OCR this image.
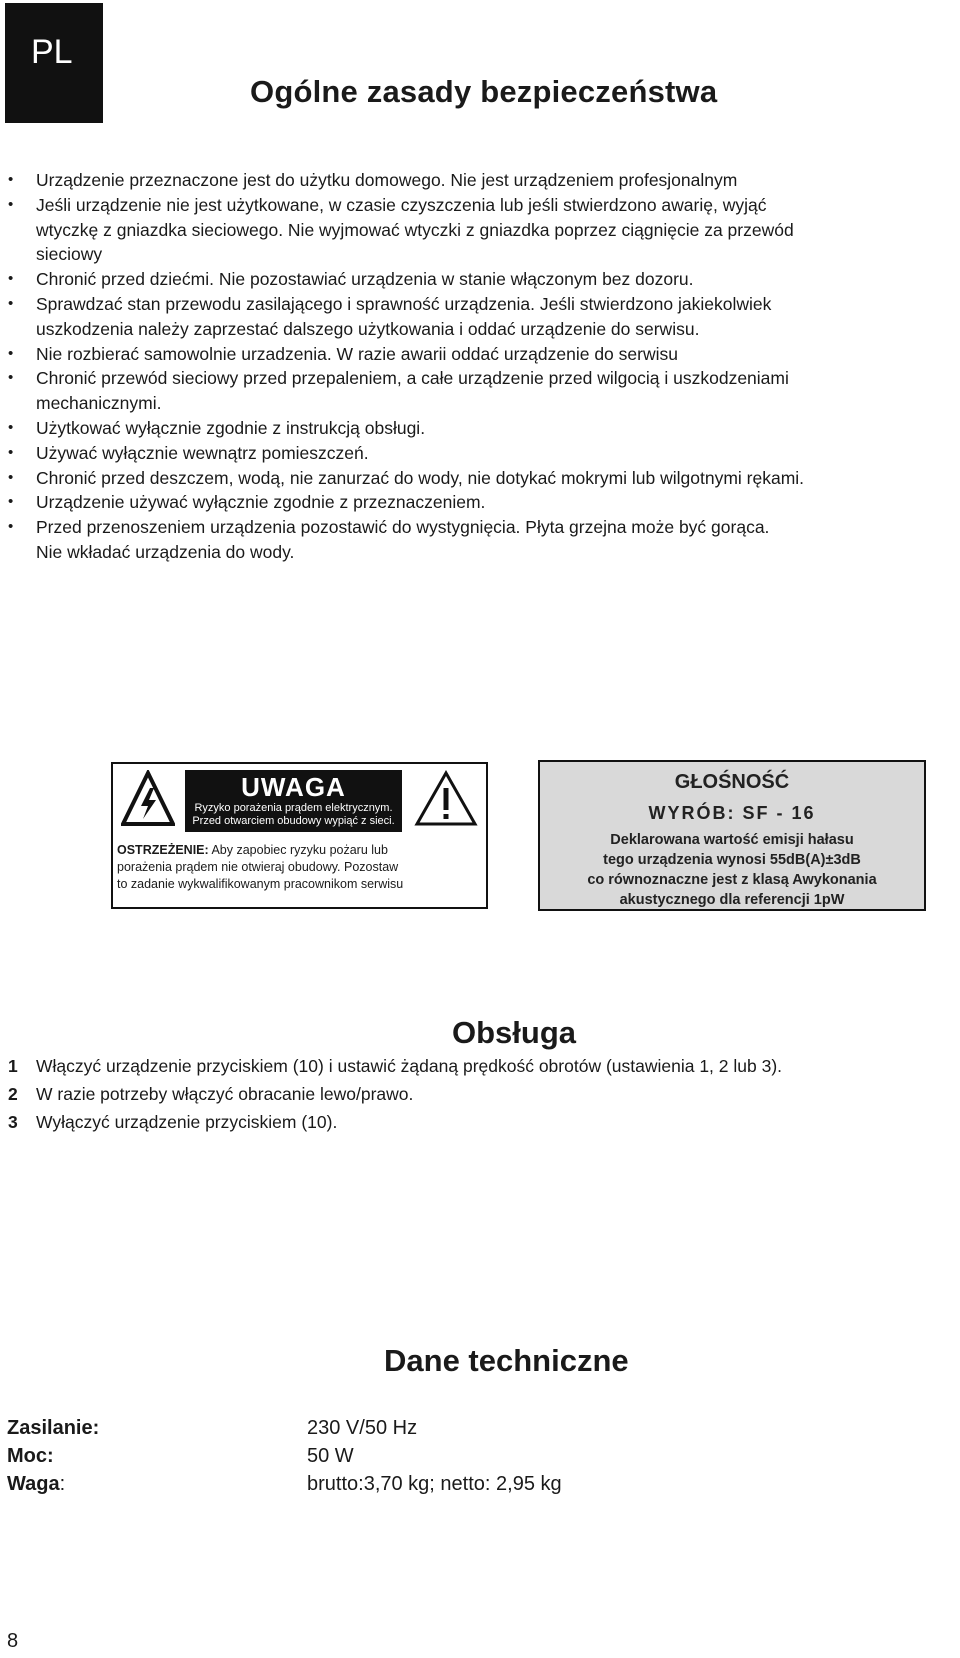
PL
Ogólne zasady bezpieczeństwa
• Urządzenie przeznaczone jest do użytku domowego. Nie jest urządzeniem profesjonalnym
• Jeśli urządzenie nie jest użytkowane, w czasie czyszczenia lub jeśli stwierdzono awarię, wyjąć
wtyczkę z gniazdka sieciowego. Nie wyjmować wtyczki z gniazdka poprzez ciągnięcie za przewód
sieciowy
• Chronić przed dziećmi. Nie pozostawiać urządzenia w stanie włączonym bez dozoru.
• Sprawdzać stan przewodu zasilającego i sprawność urządzenia. Jeśli stwierdzono jakiekolwiek
uszkodzenia należy zaprzestać dalszego użytkowania i oddać urządzenie do serwisu.
• Nie rozbierać samowolnie urzadzenia. W razie awarii oddać urządzenie do serwisu
• Chronić przewód sieciowy przed przepaleniem, a całe urządzenie przed wilgocią i uszkodzeniami
mechanicznymi.
• Użytkować wyłącznie zgodnie z instrukcją obsługi.
• Używać wyłącznie wewnątrz pomieszczeń.
• Chronić przed deszczem, wodą, nie zanurzać do wody, nie dotykać mokrymi lub wilgotnymi rękami.
• Urządzenie używać wyłącznie zgodnie z przeznaczeniem.
• Przed przenoszeniem urządzenia pozostawić do wystygnięcia. Płyta grzejna może być gorąca.
Nie wkładać urządzenia do wody.
UWAGA
Ryzyko porażenia prądem elektrycznym.
Przed otwarciem obudowy wypiąć z sieci.
OSTRZEŻENIE: Aby zapobiec ryzyku pożaru lub
porażenia prądem nie otwieraj obudowy. Pozostaw
to zadanie wykwalifikowanym pracownikom serwisu
GŁOŚNOŚĆ
WYRÓB: SF - 16
Deklarowana wartość emisji hałasu
tego urządzenia wynosi 55dB(A)±3dB
co równoznaczne jest z klasą Awykonania
akustycznego dla referencji 1pW
Obsługa
1 Włączyć urządzenie przyciskiem (10) i ustawić żądaną prędkość obrotów (ustawienia 1, 2 lub 3).
2 W razie potrzeby włączyć obracanie lewo/prawo.
3 Wyłączyć urządzenie przyciskiem (10).
Dane techniczne
Zasilanie:	230 V/50 Hz
Moc:	50 W
Waga:	brutto:3,70 kg; netto: 2,95 kg
8
